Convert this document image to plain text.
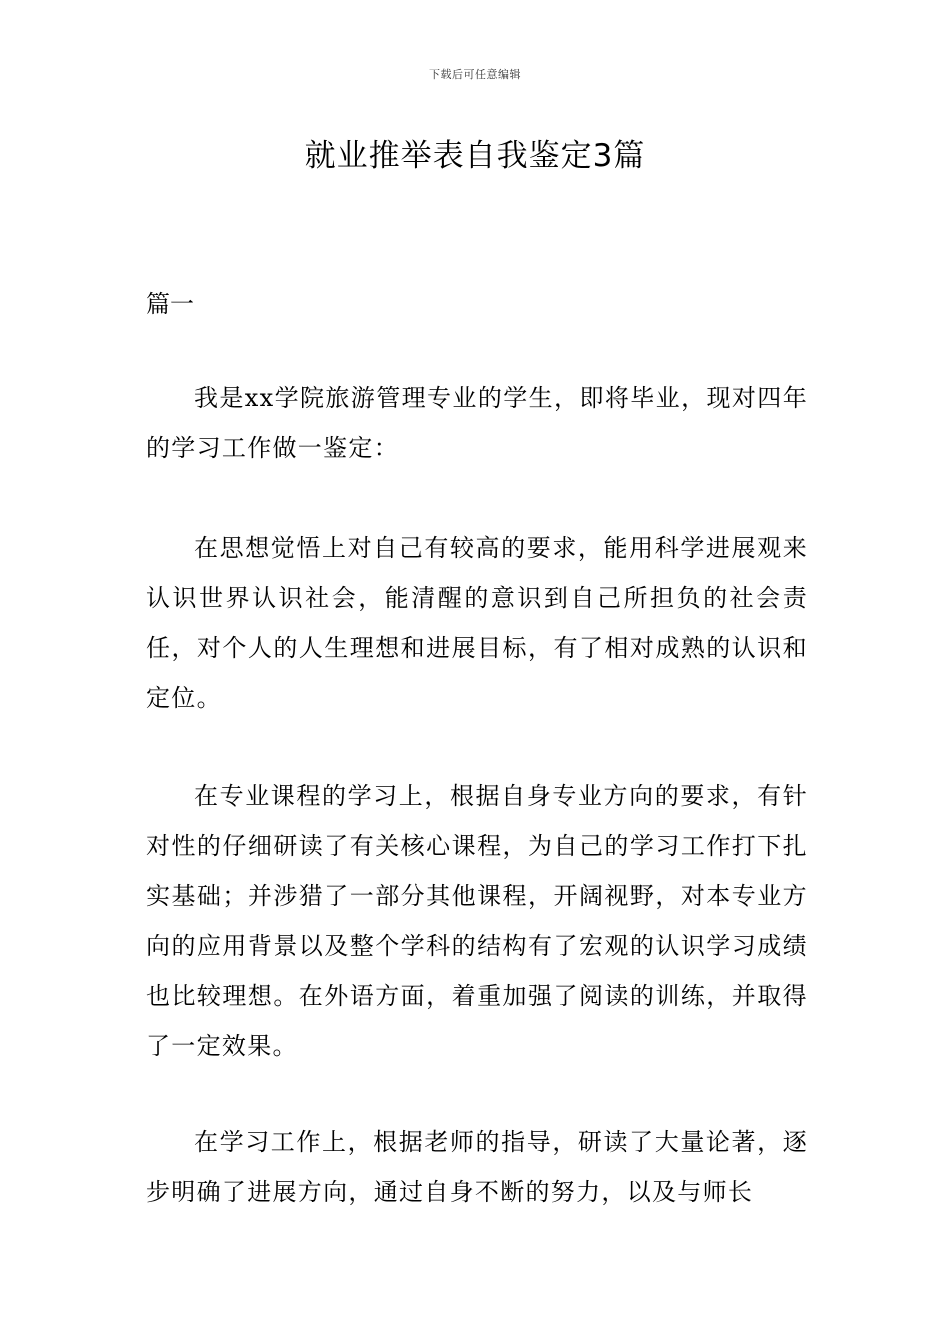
下载后可任意编辑
就业推举表自我鉴定3篇
篇一

我是xx学院旅游管理专业的学生，即将毕业，现对四年的学习工作做一鉴定：

在思想觉悟上对自己有较高的要求，能用科学进展观来认识世界认识社会，能清醒的意识到自己所担负的社会责任，对个人的人生理想和进展目标，有了相对成熟的认识和定位。

在专业课程的学习上，根据自身专业方向的要求，有针对性的仔细研读了有关核心课程，为自己的学习工作打下扎实基础；并涉猎了一部分其他课程，开阔视野，对本专业方向的应用背景以及整个学科的结构有了宏观的认识学习成绩也比较理想。在外语方面，着重加强了阅读的训练，并取得了一定效果。

在学习工作上，根据老师的指导，研读了大量论著，逐步明确了进展方向，通过自身不断的努力，以及与师长
